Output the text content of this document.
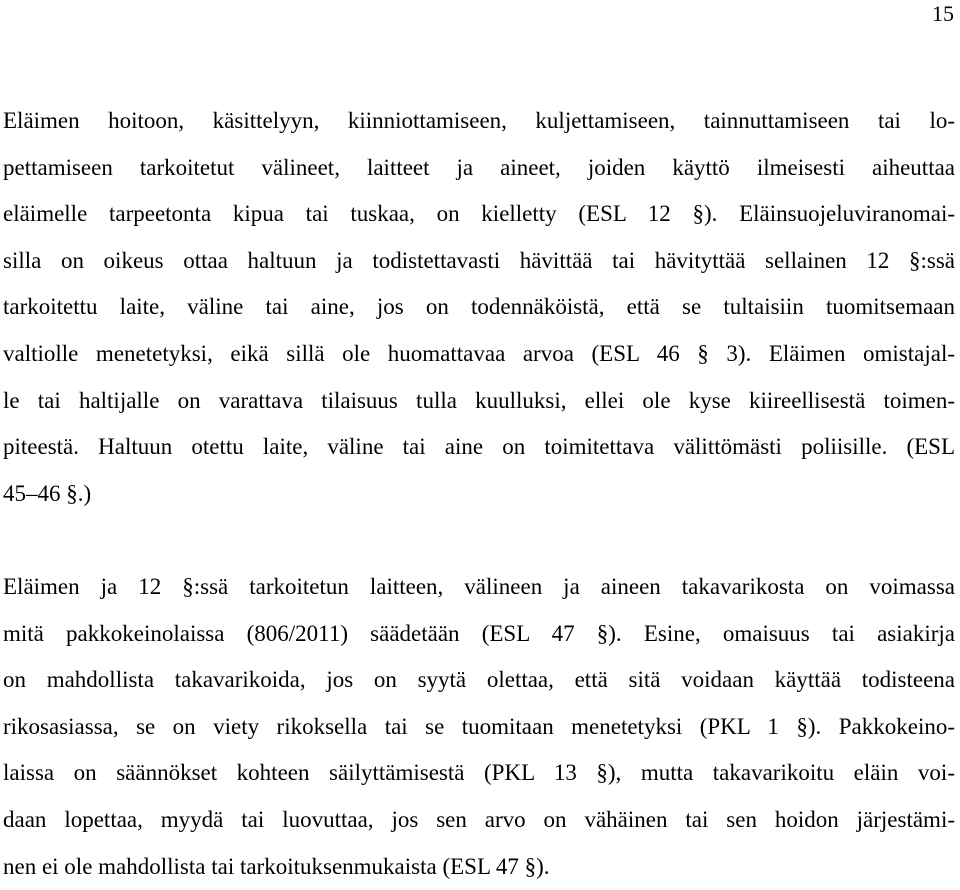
15
Eläimen hoitoon, käsittelyyn, kiinniottamiseen, kuljettamiseen, tainnuttamiseen tai lo-
pettamiseen tarkoitetut välineet, laitteet ja aineet, joiden käyttö ilmeisesti aiheuttaa
eläimelle tarpeetonta kipua tai tuskaa, on kielletty (ESL 12 §). Eläinsuojeluviranomai-
silla on oikeus ottaa haltuun ja todistettavasti hävittää tai hävityttää sellainen 12 §:ssä
tarkoitettu laite, väline tai aine, jos on todennäköistä, että se tultaisiin tuomitsemaan
valtiolle menetetyksi, eikä sillä ole huomattavaa arvoa (ESL 46 § 3). Eläimen omistajal-
le tai haltijalle on varattava tilaisuus tulla kuulluksi, ellei ole kyse kiireellisestä toimen-
piteestä. Haltuun otettu laite, väline tai aine on toimitettava välittömästi poliisille. (ESL
45–46 §.)
Eläimen ja 12 §:ssä tarkoitetun laitteen, välineen ja aineen takavarikosta on voimassa
mitä pakkokeinolaissa (806/2011) säädetään (ESL 47 §). Esine, omaisuus tai asiakirja
on mahdollista takavarikoida, jos on syytä olettaa, että sitä voidaan käyttää todisteena
rikosasiassa, se on viety rikoksella tai se tuomitaan menetetyksi (PKL 1 §). Pakkokeino-
laissa on säännökset kohteen säilyttämisestä (PKL 13 §), mutta takavarikoitu eläin voi-
daan lopettaa, myydä tai luovuttaa, jos sen arvo on vähäinen tai sen hoidon järjestämi-
nen ei ole mahdollista tai tarkoituksenmukaista (ESL 47 §).
